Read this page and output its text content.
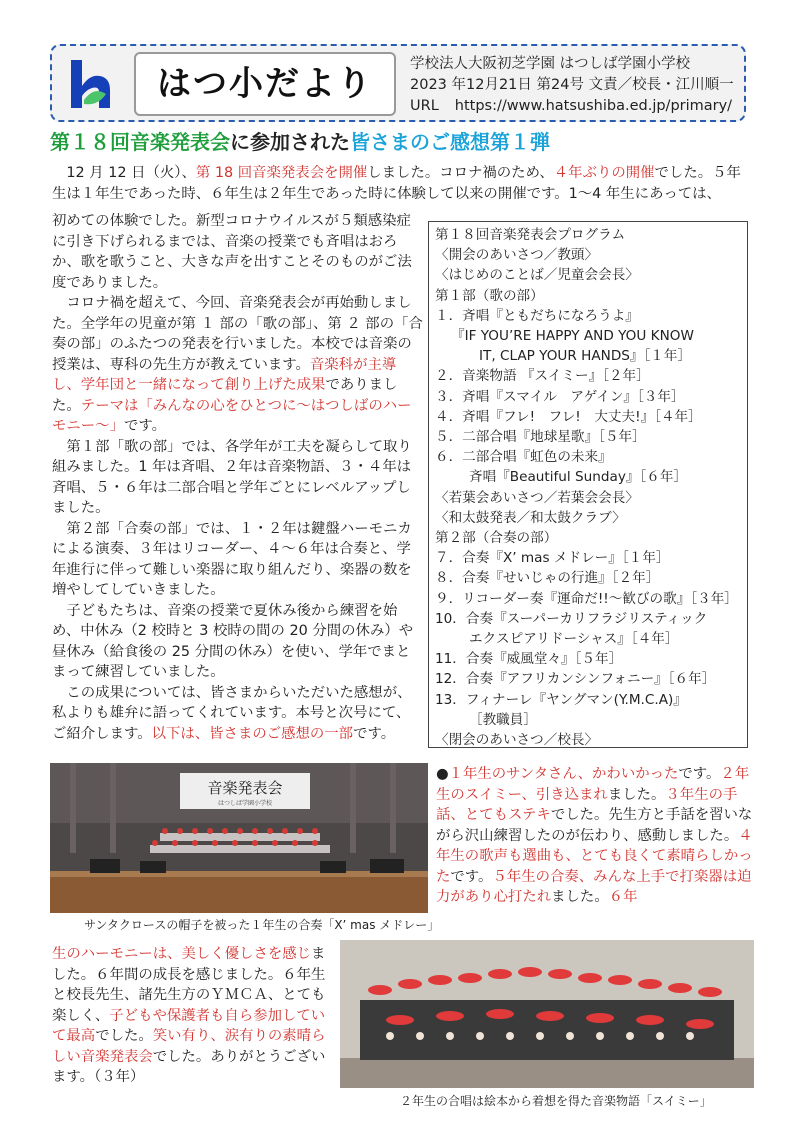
はつ小だより	学校法人大阪初芝学園 はつしば学園小学校
2023 年12月21日 第24号 文責／校長・江川順一
URL https://www.hatsushiba.ed.jp/primary/
第１８回音楽発表会に参加された皆さまのご感想第１弾

12 月 12 日（火）、第 18 回音楽発表会を開催しました。コロナ禍のため、４年ぶりの開催でした。５年生は１年生であった時、６年生は２年生であった時に体験して以来の開催です。1～4 年生にあっては、

初めての体験でした。新型コロナウイルスが５類感染症に引き下げられるまでは、音楽の授業でも斉唱はおろか、歌を歌うこと、大きな声を出すことそのものがご法度でありました。

コロナ禍を超えて、今回、音楽発表会が再始動しました。全学年の児童が第 １ 部の「歌の部」、第 ２ 部の「合奏の部」のふたつの発表を行いました。本校では音楽の授業は、専科の先生方が教えています。音楽科が主導し、学年団と一緒になって創り上げた成果でありました。テーマは「みんなの心をひとつに～はつしばのハーモニー～」です。

第１部「歌の部」では、各学年が工夫を凝らして取り組みました。1 年は斉唱、２年は音楽物語、３・４年は斉唱、５・６年は二部合唱と学年ごとにレベルアップしました。

第２部「合奏の部」では、１・２年は鍵盤ハーモニカによる演奏、３年はリコーダー、４～６年は合奏と、学年進行に伴って難しい楽器に取り組んだり、楽器の数を増やしてしていきました。

子どもたちは、音楽の授業で夏休み後から練習を始め、中休み（2 校時と 3 校時の間の 20 分間の休み）や昼休み（給食後の 25 分間の休み）を使い、学年でまとまって練習していました。

この成果については、皆さまからいただいた感想が、私よりも雄弁に語ってくれています。本号と次号にて、ご紹介します。以下は、皆さまのご感想の一部です。

第１８回音楽発表会プログラム
〈開会のあいさつ／教頭〉
〈はじめのことば／児童会会長〉
第１部（歌の部）
１．斉唱『ともだちになろうよ』
『IF YOU’RE HAPPY AND YOU KNOW
IT, CLAP YOUR HANDS』［１年］
２．音楽物語 『スイミー』［２年］
３．斉唱『スマイル　アゲイン』［３年］
４．斉唱『フレ!　フレ!　大丈夫!』［４年］
５．二部合唱『地球星歌』［５年］
６．二部合唱『虹色の未来』
斉唱『Beautiful Sunday』［６年］
〈若葉会あいさつ／若葉会会長〉
〈和太鼓発表／和太鼓クラブ〉
第２部（合奏の部）
７．合奏『X’ mas メドレー』［１年］
８．合奏『せいじゃの行進』［２年］
９．リコーダー奏『運命だ!!～歓びの歌』［３年］
10．合奏『スーパーカリフラジリスティック
エクスピアリドーシャス』［４年］
11．合奏『威風堂々』［５年］
12．合奏『アフリカンシンフォニー』［６年］
13．フィナーレ『ヤングマン(Y.M.C.A)』
［教職員］
〈閉会のあいさつ／校長〉
音楽発表会
はつしば学園小学校
サンタクロースの帽子を被った１年生の合奏「X’ mas メドレー」

●１年生のサンタさん、かわいかったです。２年生のスイミー、引き込まれました。３年生の手話、とてもステキでした。先生方と手話を習いながら沢山練習したのが伝わり、感動しました。４年生の歌声も選曲も、とても良くて素晴らしかったです。５年生の合奏、みんな上手で打楽器は迫力があり心打たれました。６年

生のハーモニーは、美しく優しさを感じました。６年間の成長を感じました。６年生と校長先生、諸先生方のＹＭＣＡ、とても楽しく、子どもや保護者も自ら参加していて最高でした。笑い有り、涙有りの素晴らしい音楽発表会でした。ありがとうございます。（３年）

２年生の合唱は絵本から着想を得た音楽物語「スイミー」
